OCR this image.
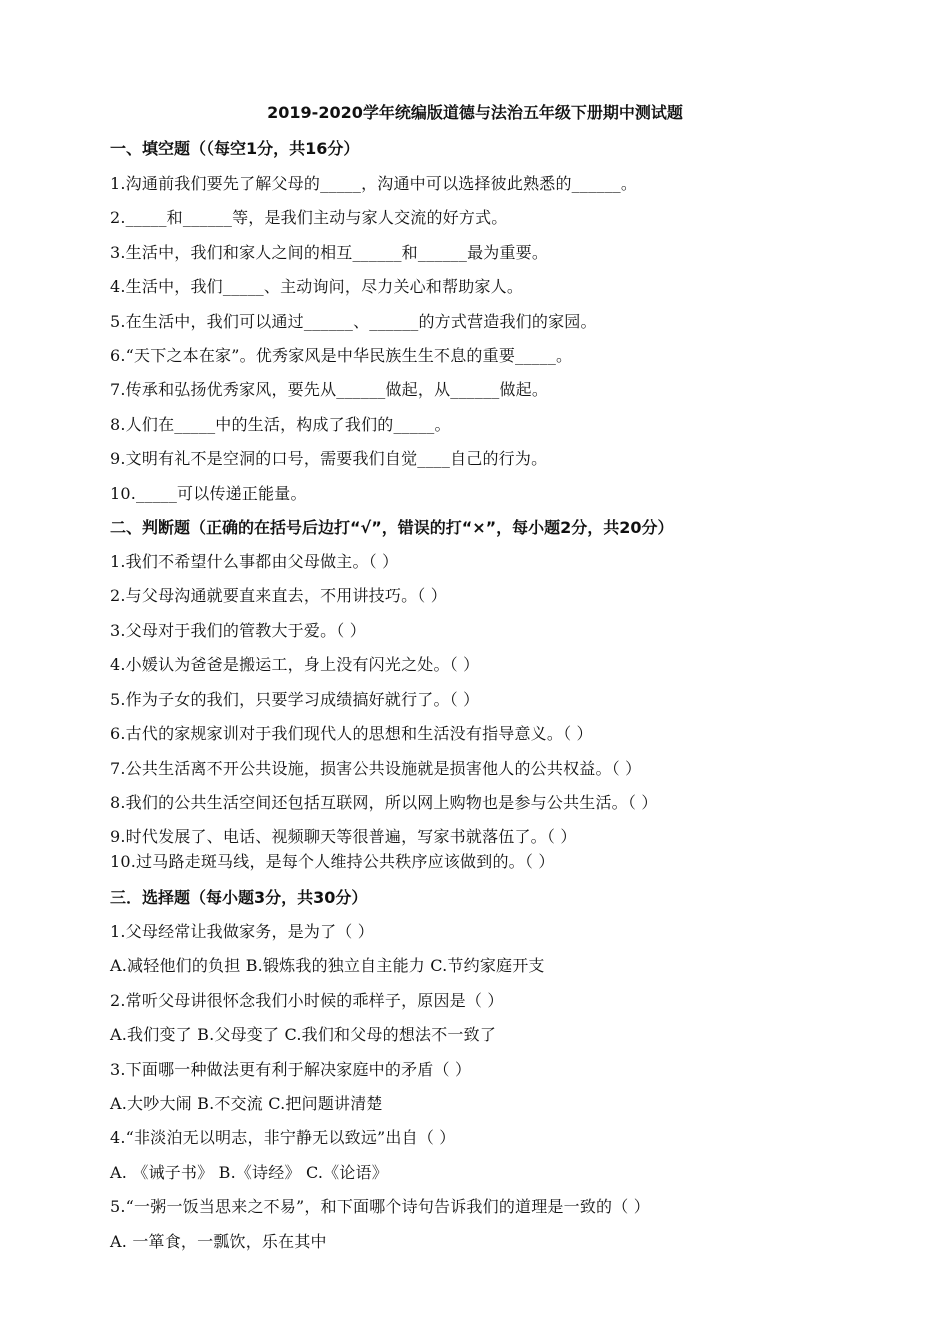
2019-2020学年统编版道德与法治五年级下册期中测试题
一、填空题（（每空1分，共16分）
1.沟通前我们要先了解父母的_____，沟通中可以选择彼此熟悉的______。
2._____和______等，是我们主动与家人交流的好方式。
3.生活中，我们和家人之间的相互______和______最为重要。
4.生活中，我们_____、主动询问，尽力关心和帮助家人。
5.在生活中，我们可以通过______、______的方式营造我们的家园。
6.“天下之本在家”。优秀家风是中华民族生生不息的重要_____。
7.传承和弘扬优秀家风，要先从______做起，从______做起。
8.人们在_____中的生活，构成了我们的_____。
9.文明有礼不是空洞的口号，需要我们自觉____自己的行为。
10._____可以传递正能量。
二、判断题（正确的在括号后边打“√”，错误的打“×”，每小题2分，共20分）
1.我们不希望什么事都由父母做主。（ ）
2.与父母沟通就要直来直去，不用讲技巧。（ ）
3.父母对于我们的管教大于爱。（ ）
4.小媛认为爸爸是搬运工，身上没有闪光之处。（ ）
5.作为子女的我们，只要学习成绩搞好就行了。（ ）
6.古代的家规家训对于我们现代人的思想和生活没有指导意义。（ ）
7.公共生活离不开公共设施，损害公共设施就是损害他人的公共权益。（ ）
8.我们的公共生活空间还包括互联网，所以网上购物也是参与公共生活。（ ）
9.时代发展了、电话、视频聊天等很普遍，写家书就落伍了。（ ）
10.过马路走斑马线，是每个人维持公共秩序应该做到的。（ ）
三．选择题（每小题3分，共30分）
1.父母经常让我做家务，是为了（ ）
A.减轻他们的负担 B.锻炼我的独立自主能力 C.节约家庭开支
2.常听父母讲很怀念我们小时候的乖样子，原因是（ ）
A.我们变了 B.父母变了 C.我们和父母的想法不一致了
3.下面哪一种做法更有利于解决家庭中的矛盾（ ）
A.大吵大闹 B.不交流 C.把问题讲清楚
A. 《诫子书》 B.《诗经》 C.《论语》
4.“非淡泊无以明志，非宁静无以致远”出自（ ）
5.“一粥一饭当思来之不易”，和下面哪个诗句告诉我们的道理是一致的（ ）
A. 一箪食，一瓢饮，乐在其中
